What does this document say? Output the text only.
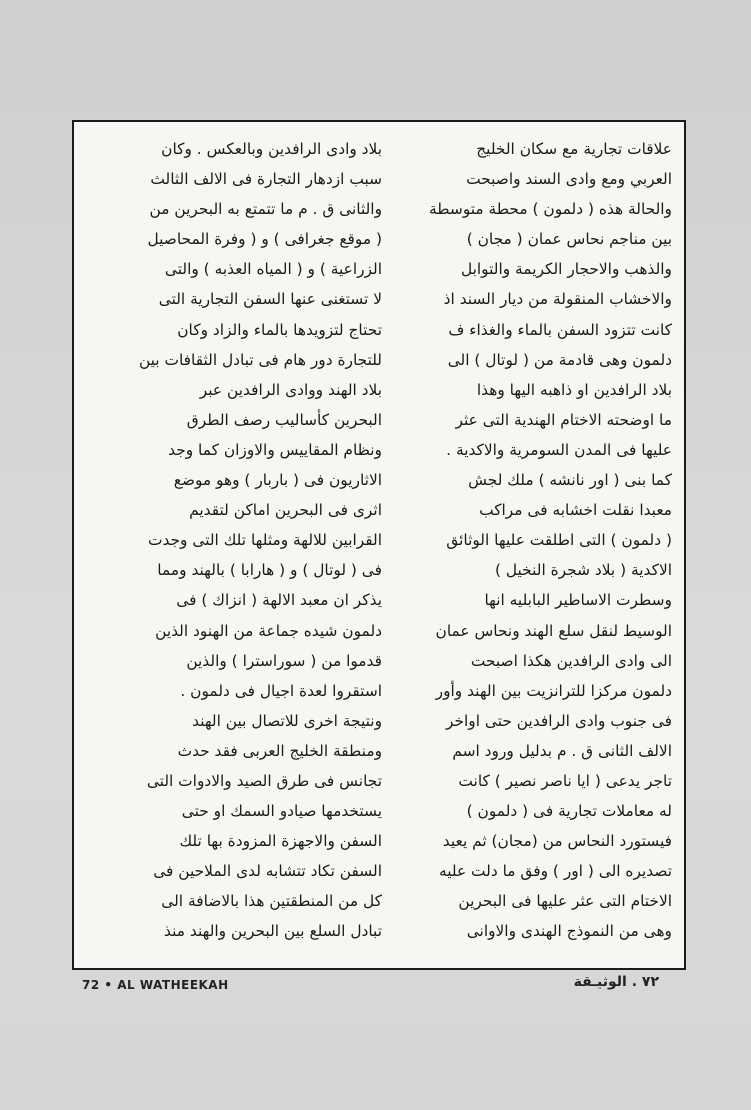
علاقات تجارية مع سكان الخليج
العربي ومع وادى السند واصبحت
والحالة هذه ( دلمون ) محطة متوسطة
بين مناجم نحاس عمان ( مجان )
والذهب والاحجار الكريمة والتوابل
والاخشاب المنقولة من ديار السند اذ
كانت تتزود السفن بالماء والغذاء ف
دلمون وهى قادمة من ( لوتال ) الى
بلاد الرافدين او ذاهبه اليها وهذا
ما اوضحته الاختام الهندية التى عثر
عليها فى المدن السومرية والاكدية .
كما بنى ( اور نانشه ) ملك لجش
معبدا نقلت اخشابه فى مراكب
( دلمون ) التى اطلقت عليها الوثائق
الاكدية ( بلاد شجرة النخيل )
وسطرت الاساطير البابليه انها
الوسيط لنقل سلع الهند ونحاس عمان
الى وادى الرافدين هكذا اصبحت
دلمون مركزا للترانزيت بين الهند وأور
فى جنوب وادى الرافدين حتى اواخر
الالف الثانى ق . م بدليل ورود اسم
تاجر يدعى ( ايا ناصر نصير ) كانت
له معاملات تجارية فى ( دلمون )
فيستورد النحاس من (مجان) ثم يعيد
تصديره الى ( اور ) وفق ما دلت عليه
الاختام التى عثر عليها فى البحرين
وهى من النموذج الهندى والاوانى
بلاد وادى الرافدين وبالعكس . وكان
سبب ازدهار التجارة فى الالف الثالث
والثانى ق . م ما تتمتع به البحرين من
( موقع جغرافى ) و ( وفرة المحاصيل
الزراعية ) و ( المياه العذبه ) والتى
لا تستغنى عنها السفن التجارية التى
تحتاج لتزويدها بالماء والزاد وكان
للتجارة دور هام فى تبادل الثقافات بين
بلاد الهند ووادى الرافدين عبر
البحرين كأساليب رصف الطرق
ونظام المقاييس والاوزان كما وجد
الاثاريون فى ( باربار ) وهو موضع
اثرى فى البحرين اماكن لتقديم
القرابين للالهة ومثلها تلك التى وجدت
فى ( لوتال ) و ( هارابا ) بالهند ومما
يذكر ان معبد الالهة ( انزاك ) فى
دلمون شيده جماعة من الهنود الذين
قدموا من ( سوراسترا ) والذين
استقروا لعدة اجيال فى دلمون .
ونتيجة اخرى للاتصال بين الهند
ومنطقة الخليج العربى فقد حدث
تجانس فى طرق الصيد والادوات التى
يستخدمها صيادو السمك او حتى
السفن والاجهزة المزودة بها تلك
السفن تكاد تتشابه لدى الملاحين فى
كل من المنطقتين هذا بالاضافة الى
تبادل السلع بين البحرين والهند منذ
72 • AL WATHEEKAH	٧٢ . الوثيـقة
